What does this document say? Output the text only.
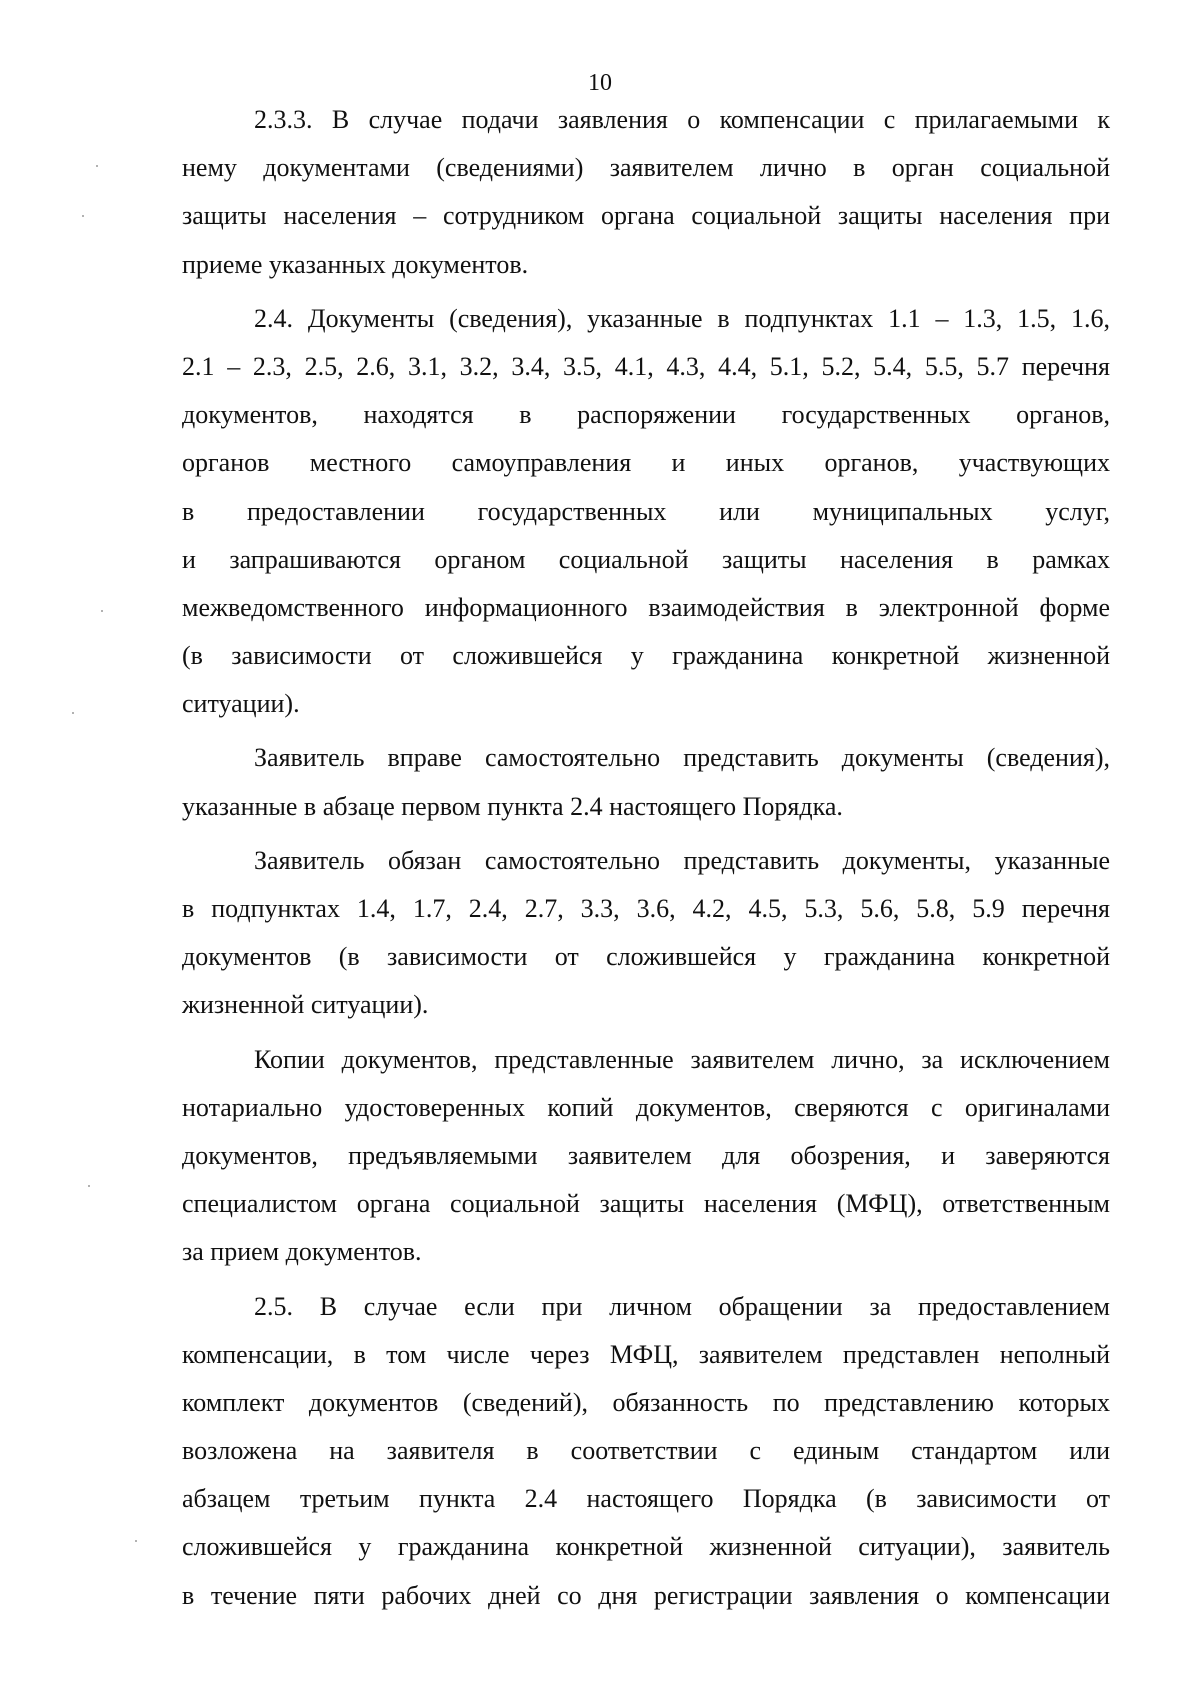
10

2.3.3. В случае подачи заявления о компенсации с прилагаемыми к
нему документами (сведениями) заявителем лично в орган социальной
защиты населения – сотрудником органа социальной защиты населения при
приеме указанных документов.

2.4. Документы (сведения), указанные в подпунктах 1.1 – 1.3, 1.5, 1.6,
2.1 – 2.3, 2.5, 2.6, 3.1, 3.2, 3.4, 3.5, 4.1, 4.3, 4.4, 5.1, 5.2, 5.4, 5.5, 5.7 перечня
документов, находятся в распоряжении государственных органов,
органов местного самоуправления и иных органов, участвующих
в предоставлении государственных или муниципальных услуг,
и запрашиваются органом социальной защиты населения в рамках
межведомственного информационного взаимодействия в электронной форме
(в зависимости от сложившейся у гражданина конкретной жизненной
ситуации).

Заявитель вправе самостоятельно представить документы (сведения),
указанные в абзаце первом пункта 2.4 настоящего Порядка.

Заявитель обязан самостоятельно представить документы, указанные
в подпунктах 1.4, 1.7, 2.4, 2.7, 3.3, 3.6, 4.2, 4.5, 5.3, 5.6, 5.8, 5.9 перечня
документов (в зависимости от сложившейся у гражданина конкретной
жизненной ситуации).

Копии документов, представленные заявителем лично, за исключением
нотариально удостоверенных копий документов, сверяются с оригиналами
документов, предъявляемыми заявителем для обозрения, и заверяются
специалистом органа социальной защиты населения (МФЦ), ответственным
за прием документов.

2.5. В случае если при личном обращении за предоставлением
компенсации, в том числе через МФЦ, заявителем представлен неполный
комплект документов (сведений), обязанность по представлению которых
возложена на заявителя в соответствии с единым стандартом или
абзацем третьим пункта 2.4 настоящего Порядка (в зависимости от
сложившейся у гражданина конкретной жизненной ситуации), заявитель
в течение пяти рабочих дней со дня регистрации заявления о компенсации
